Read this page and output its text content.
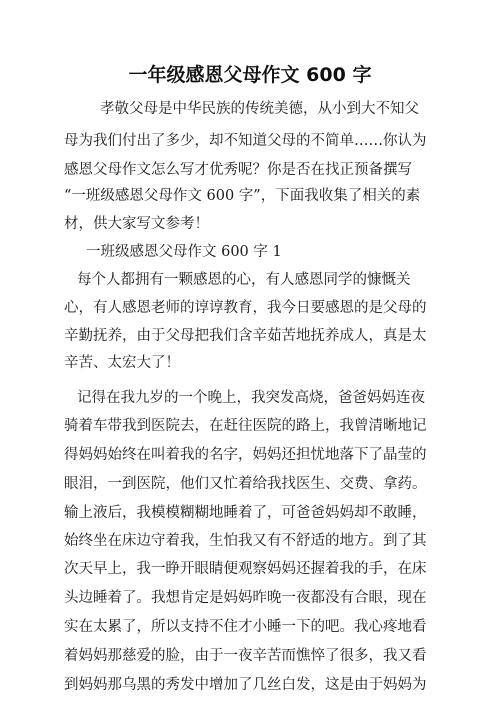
一年级感恩父母作文 600 字
孝敬父母是中华民族的传统美德，从小到大不知父
母为我们付出了多少，却不知道父母的不简单……你认为
感恩父母作文怎么写才优秀呢？你是否在找正预备撰写
“一班级感恩父母作文 600 字”，下面我收集了相关的素
材，供大家写文参考！
一班级感恩父母作文 600 字 1
每个人都拥有一颗感恩的心，有人感恩同学的慷慨关
心，有人感恩老师的谆谆教育，我今日要感恩的是父母的
辛勤抚养，由于父母把我们含辛茹苦地抚养成人，真是太
辛苦、太宏大了！
记得在我九岁的一个晚上，我突发高烧，爸爸妈妈连夜
骑着车带我到医院去，在赶往医院的路上，我曾清晰地记
得妈妈始终在叫着我的名字，妈妈还担忧地落下了晶莹的
眼泪，一到医院，他们又忙着给我找医生、交费、拿药。
输上液后，我模模糊糊地睡着了，可爸爸妈妈却不敢睡，
始终坐在床边守着我，生怕我又有不舒适的地方。到了其
次天早上，我一睁开眼睛便观察妈妈还握着我的手，在床
头边睡着了。我想肯定是妈妈昨晚一夜都没有合眼，现在
实在太累了，所以支持不住才小睡一下的吧。我心疼地看
着妈妈那慈爱的脸，由于一夜辛苦而憔悴了很多，我又看
到妈妈那乌黑的秀发中增加了几丝白发，这是由于妈妈为
